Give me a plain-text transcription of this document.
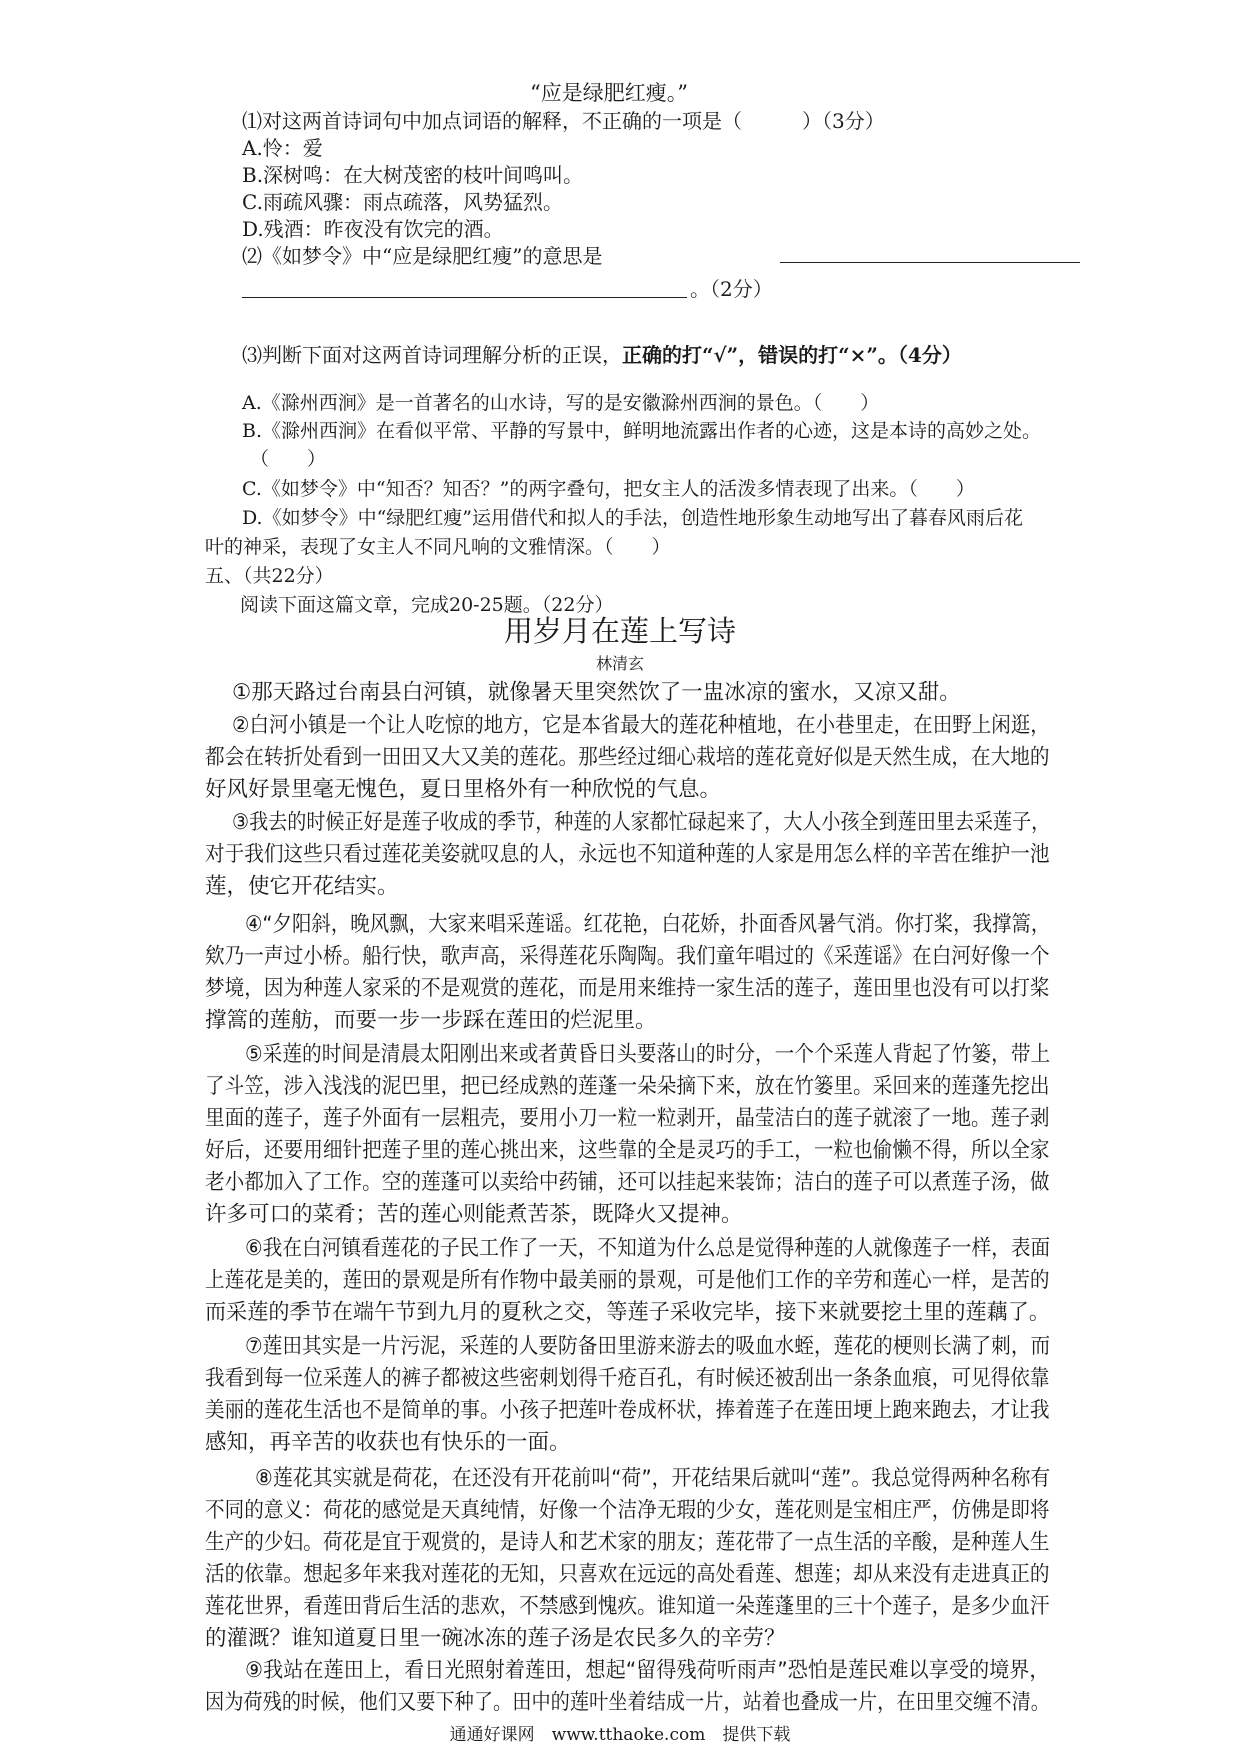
“应是绿肥红瘦。”
⑴对这两首诗词句中加点词语的解释，不正确的一项是（　　　）（3分）
A.怜：爱
B.深树鸣：在大树茂密的枝叶间鸣叫。
C.雨疏风骤：雨点疏落，风势猛烈。
D.残酒：昨夜没有饮完的酒。
⑵《如梦令》中“应是绿肥红瘦”的意思是
。（2分）
⑶判断下面对这两首诗词理解分析的正误，正确的打“√”，错误的打“×”。（4分）
A.《滁州西涧》是一首著名的山水诗，写的是安徽滁州西涧的景色。（　　）
B.《滁州西涧》在看似平常、平静的写景中，鲜明地流露出作者的心迹，这是本诗的高妙之处。
（　　）
C.《如梦令》中“知否？知否？”的两字叠句，把女主人的活泼多情表现了出来。（　　）
D.《如梦令》中“绿肥红瘦”运用借代和拟人的手法，创造性地形象生动地写出了暮春风雨后花
叶的神采，表现了女主人不同凡响的文雅情深。（　　）
五、（共22分）
阅读下面这篇文章，完成20-25题。（22分）
用岁月在莲上写诗
林清玄
①那天路过台南县白河镇，就像暑天里突然饮了一盅冰凉的蜜水，又凉又甜。
②白河小镇是一个让人吃惊的地方，它是本省最大的莲花种植地，在小巷里走，在田野上闲逛，
都会在转折处看到一田田又大又美的莲花。那些经过细心栽培的莲花竟好似是天然生成，在大地的
好风好景里毫无愧色，夏日里格外有一种欣悦的气息。
③我去的时候正好是莲子收成的季节，种莲的人家都忙碌起来了，大人小孩全到莲田里去采莲子，
对于我们这些只看过莲花美姿就叹息的人，永远也不知道种莲的人家是用怎么样的辛苦在维护一池
莲，使它开花结实。
④“夕阳斜，晚风飘，大家来唱采莲谣。红花艳，白花娇，扑面香风暑气消。你打桨，我撑篙，
欸乃一声过小桥。船行快，歌声高，采得莲花乐陶陶。我们童年唱过的《采莲谣》在白河好像一个
梦境，因为种莲人家采的不是观赏的莲花，而是用来维持一家生活的莲子，莲田里也没有可以打桨
撑篙的莲舫，而要一步一步踩在莲田的烂泥里。
⑤采莲的时间是清晨太阳刚出来或者黄昏日头要落山的时分，一个个采莲人背起了竹篓，带上
了斗笠，涉入浅浅的泥巴里，把已经成熟的莲蓬一朵朵摘下来，放在竹篓里。采回来的莲蓬先挖出
里面的莲子，莲子外面有一层粗壳，要用小刀一粒一粒剥开，晶莹洁白的莲子就滚了一地。莲子剥
好后，还要用细针把莲子里的莲心挑出来，这些靠的全是灵巧的手工，一粒也偷懒不得，所以全家
老小都加入了工作。空的莲蓬可以卖给中药铺，还可以挂起来装饰；洁白的莲子可以煮莲子汤，做
许多可口的菜肴；苦的莲心则能煮苦茶，既降火又提神。
⑥我在白河镇看莲花的子民工作了一天，不知道为什么总是觉得种莲的人就像莲子一样，表面
上莲花是美的，莲田的景观是所有作物中最美丽的景观，可是他们工作的辛劳和莲心一样，是苦的
而采莲的季节在端午节到九月的夏秋之交，等莲子采收完毕，接下来就要挖土里的莲藕了。
⑦莲田其实是一片污泥，采莲的人要防备田里游来游去的吸血水蛭，莲花的梗则长满了刺，而
我看到每一位采莲人的裤子都被这些密刺划得千疮百孔，有时候还被刮出一条条血痕，可见得依靠
美丽的莲花生活也不是简单的事。小孩子把莲叶卷成杯状，捧着莲子在莲田埂上跑来跑去，才让我
感知，再辛苦的收获也有快乐的一面。
⑧莲花其实就是荷花，在还没有开花前叫“荷”，开花结果后就叫“莲”。我总觉得两种名称有
不同的意义：荷花的感觉是天真纯情，好像一个洁净无瑕的少女，莲花则是宝相庄严，仿佛是即将
生产的少妇。荷花是宜于观赏的，是诗人和艺术家的朋友；莲花带了一点生活的辛酸，是种莲人生
活的依靠。想起多年来我对莲花的无知，只喜欢在远远的高处看莲、想莲；却从来没有走进真正的
莲花世界，看莲田背后生活的悲欢，不禁感到愧疚。谁知道一朵莲蓬里的三十个莲子，是多少血汗
的灌溉？谁知道夏日里一碗冰冻的莲子汤是农民多久的辛劳？
通通好课网　www.tthaoke.com　提供下载
⑨我站在莲田上，看日光照射着莲田，想起“留得残荷听雨声”恐怕是莲民难以享受的境界，
因为荷残的时候，他们又要下种了。田中的莲叶坐着结成一片，站着也叠成一片，在田里交缠不清。
